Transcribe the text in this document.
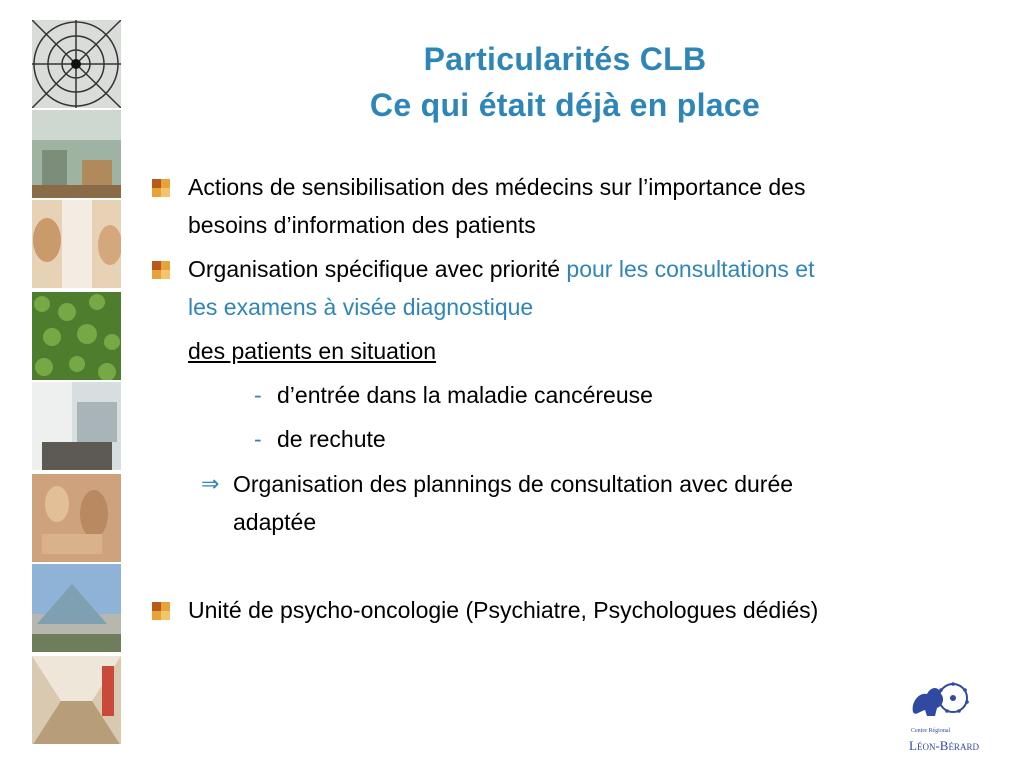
Particularités CLB
Ce qui était déjà en place
Actions de sensibilisation des médecins sur l’importance des
besoins d’information des patients
Organisation spécifique avec priorité pour les consultations et
les examens à visée diagnostique
des patients en situation
- d’entrée dans la maladie cancéreuse
- de rechute
⇒ Organisation des plannings de consultation avec durée
adaptée
Unité de psycho-oncologie (Psychiatre, Psychologues dédiés)
Centre Régional
Léon-Bérard
